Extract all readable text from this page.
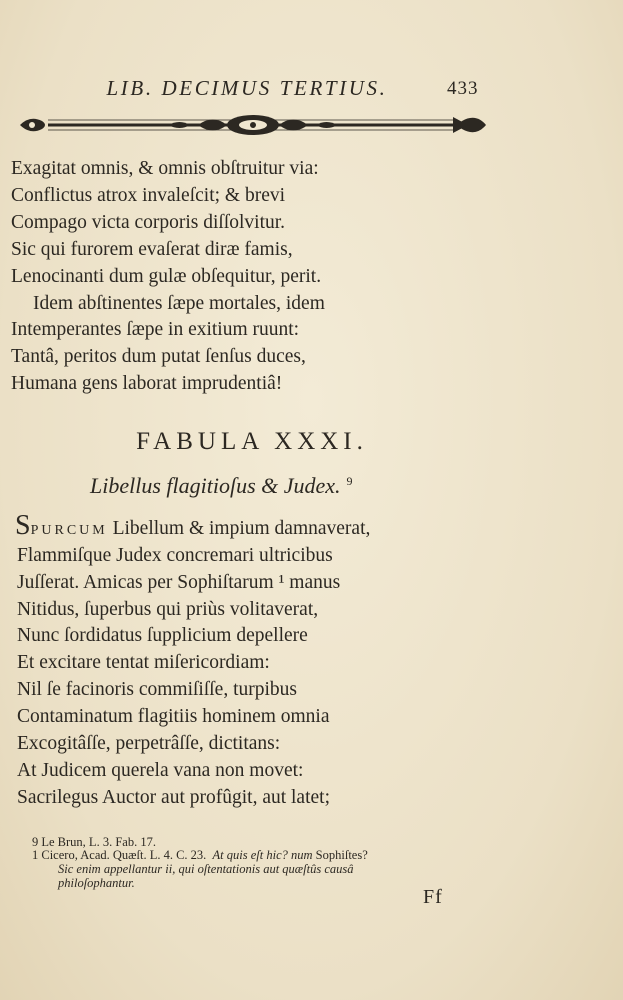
LIB. DECIMUS TERTIUS.	433
Exagitat omnis, & omnis obſtruitur via:
Conflictus atrox invaleſcit; & brevi
Compago victa corporis diſſolvitur.
Sic qui furorem evaſerat diræ famis,
Lenocinanti dum gulæ obſequitur, perit.
Idem abſtinentes ſæpe mortales, idem
Intemperantes ſæpe in exitium ruunt:
Tantâ, peritos dum putat ſenſus duces,
Humana gens laborat imprudentiâ!
FABULA XXXI.
Libellus flagitioſus & Judex. $^9$
SPURCUM Libellum & impium damnaverat,
Flammiſque Judex concremari ultricibus
Juſſerat. Amicas per Sophiſtarum ¹ manus
Nitidus, ſuperbus qui priùs volitaverat,
Nunc ſordidatus ſupplicium depellere
Et excitare tentat miſericordiam:
Nil ſe facinoris commiſiſſe, turpibus
Contaminatum flagitiis hominem omnia
Excogitâſſe, perpetrâſſe, dictitans:
At Judicem querela vana non movet:
Sacrilegus Auctor aut profûgit, aut latet;
9 Le Brun, L. 3. Fab. 17.
1 Cicero, Acad. Quæſt. L. 4. C. 23. At quis eſt hic? num Sophiſtes?
Sic enim appellantur ii, qui oſtentationis aut quæſtûs causâ
philoſophantur.
Ff
